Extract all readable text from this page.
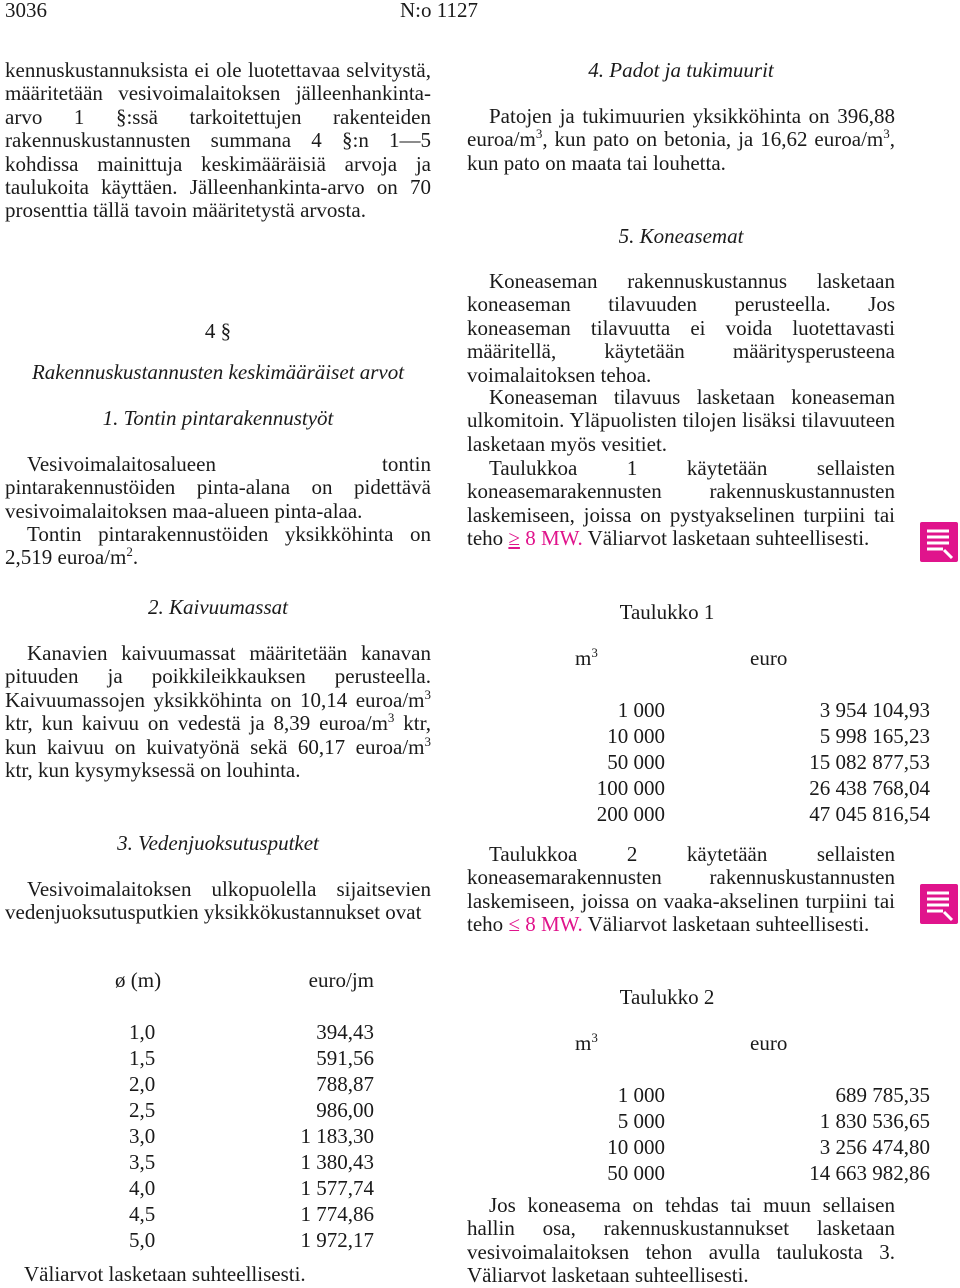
3036	N:o 1127
kennuskustannuksista ei ole luotettavaa selvitystä, määritetään vesivoimalaitoksen jälleenhankinta-arvo 1 §:ssä tarkoitettujen rakenteiden rakennuskustannusten summana 4 §:n 1—5 kohdissa mainittuja keskimääräisiä arvoja ja taulukoita käyttäen. Jälleenhankinta-arvo on 70 prosenttia tällä tavoin määritetystä arvosta.
4 §
Rakennuskustannusten keskimääräiset arvot
1. Tontin pintarakennustyöt
Vesivoimalaitosalueen tontin pintarakennustöiden pinta-alana on pidettävä vesivoimalaitoksen maa-alueen pinta-alaa.
Tontin pintarakennustöiden yksikköhinta on 2,519 euroa/$m^2$.
2. Kaivuumassat
Kanavien kaivuumassat määritetään kanavan pituuden ja poikkileikkauksen perusteella. Kaivuumassojen yksikköhinta on 10,14 euroa/$m^3$ ktr, kun kaivuu on vedestä ja 8,39 euroa/$m^3$ ktr, kun kaivuu on kuivatyönä sekä 60,17 euroa/$m^3$ ktr, kun kysymyksessä on louhinta.
3. Vedenjuoksutusputket
Vesivoimalaitoksen ulkopuolella sijaitsevien vedenjuoksutusputkien yksikkökustannukset ovat
ø (m)	euro/jm

1,0	394,43
1,5	591,56
2,0	788,87
2,5	986,00
3,0	1 183,30
3,5	1 380,43
4,0	1 577,74
4,5	1 774,86
5,0	1 972,17
Väliarvot lasketaan suhteellisesti.
4. Padot ja tukimuurit
Patojen ja tukimuurien yksikköhinta on 396,88 euroa/$m^3$, kun pato on betonia, ja 16,62 euroa/$m^3$, kun pato on maata tai louhetta.
5. Koneasemat
Koneaseman rakennuskustannus lasketaan koneaseman tilavuuden perusteella. Jos koneaseman tilavuutta ei voida luotettavasti määritellä, käytetään määritysperusteena voimalaitoksen tehoa.
Koneaseman tilavuus lasketaan koneaseman ulkomitoin. Yläpuolisten tilojen lisäksi tilavuuteen lasketaan myös vesitiet.
Taulukkoa 1 käytetään sellaisten koneasemarakennusten rakennuskustannusten laskemiseen, joissa on pystyakselinen turpiini tai teho ≥ 8 MW. Väliarvot lasketaan suhteellisesti.
Taulukko 1
$m^3$	euro

1 000	3 954 104,93
10 000	5 998 165,23
50 000	15 082 877,53
100 000	26 438 768,04
200 000	47 045 816,54
Taulukkoa 2 käytetään sellaisten koneasemarakennusten rakennuskustannusten laskemiseen, joissa on vaaka-akselinen turpiini tai teho ≤ 8 MW. Väliarvot lasketaan suhteellisesti.
Taulukko 2
$m^3$	euro

1 000	689 785,35
5 000	1 830 536,65
10 000	3 256 474,80
50 000	14 663 982,86
Jos koneasema on tehdas tai muun sellaisen hallin osa, rakennuskustannukset lasketaan vesivoimalaitoksen tehon avulla taulukosta 3. Väliarvot lasketaan suhteellisesti.
